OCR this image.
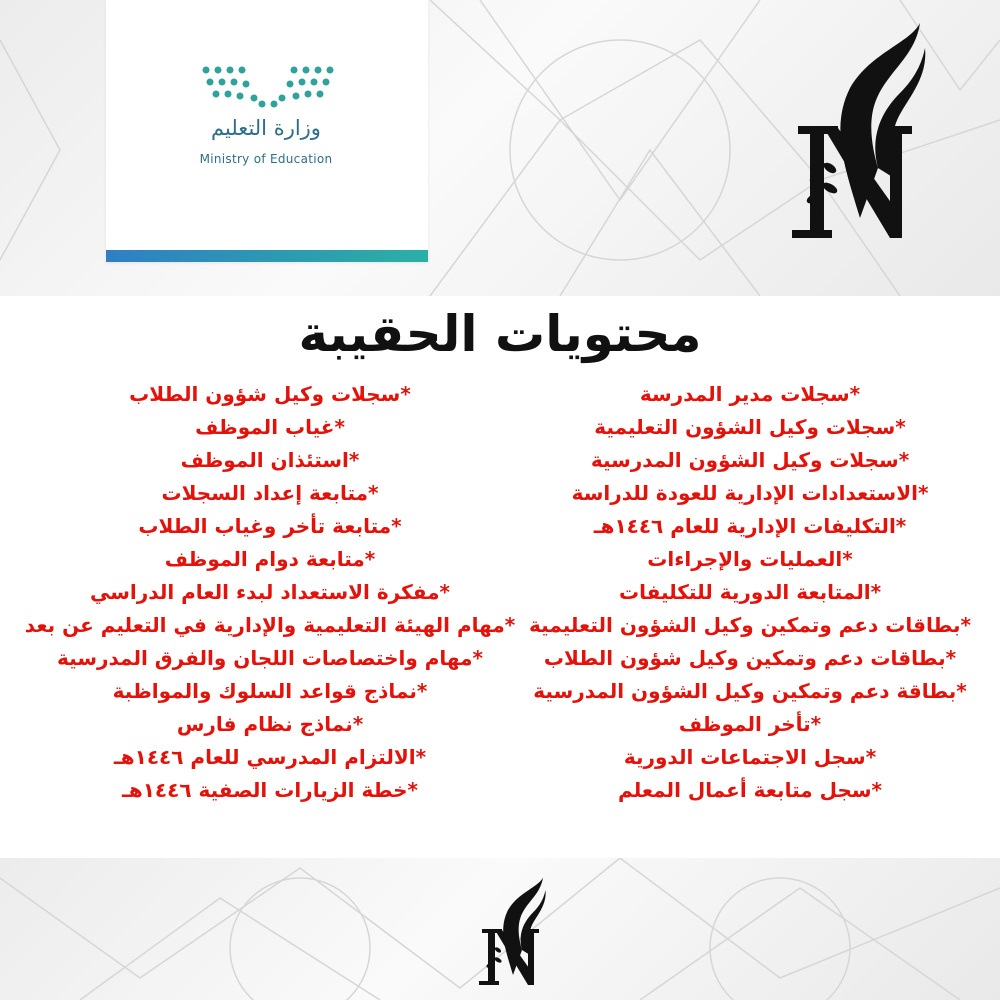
وزارة التعليم
Ministry of Education
محتويات الحقيبة
*سجلات مدير المدرسة
*سجلات وكيل الشؤون التعليمية
*سجلات وكيل الشؤون المدرسية
*الاستعدادات الإدارية للعودة للدراسة
*التكليفات الإدارية للعام ١٤٤٦هـ
*العمليات والإجراءات
*المتابعة الدورية للتكليفات
*بطاقات دعم وتمكين وكيل الشؤون التعليمية
*بطاقات دعم وتمكين وكيل شؤون الطلاب
*بطاقة دعم وتمكين وكيل الشؤون المدرسية
*تأخر الموظف
*سجل الاجتماعات الدورية
*سجل متابعة أعمال المعلم
*سجلات وكيل شؤون الطلاب
*غياب الموظف
*استئذان الموظف
*متابعة إعداد السجلات
*متابعة تأخر وغياب الطلاب
*متابعة دوام الموظف
*مفكرة الاستعداد لبدء العام الدراسي
*مهام الهيئة التعليمية والإدارية في التعليم عن بعد
*مهام واختصاصات اللجان والفرق المدرسية
*نماذج قواعد السلوك والمواظبة
*نماذج نظام فارس
*الالتزام المدرسي للعام ١٤٤٦هـ
*خطة الزيارات الصفية ١٤٤٦هـ
